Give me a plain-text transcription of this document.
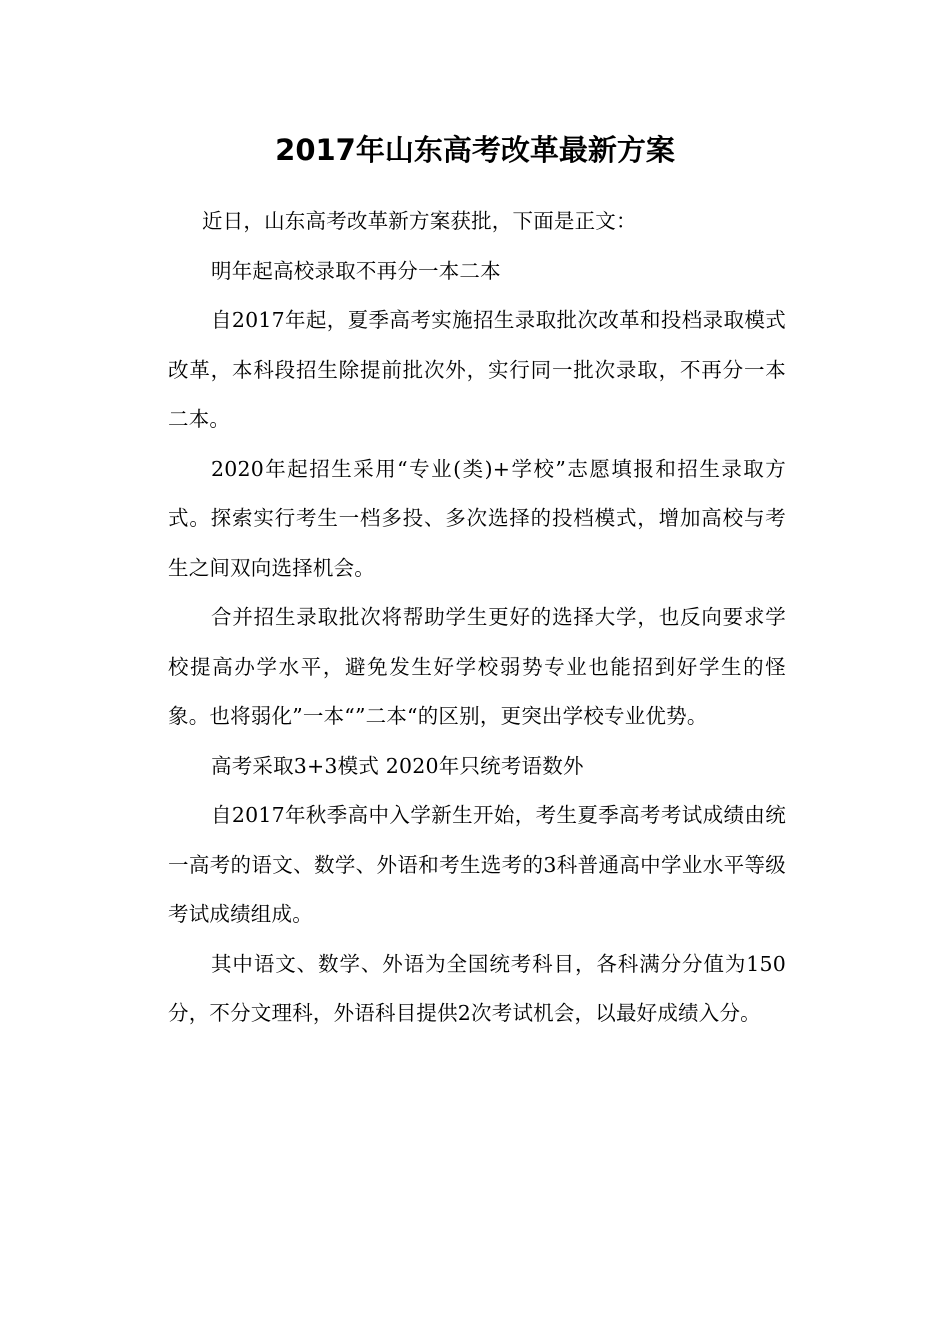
2017年山东高考改革最新方案

近日，山东高考改革新方案获批，下面是正文：

明年起高校录取不再分一本二本

自2017年起，夏季高考实施招生录取批次改革和投档录取模式改革，本科段招生除提前批次外，实行同一批次录取，不再分一本二本。

2020年起招生采用“专业(类)+学校”志愿填报和招生录取方式。探索实行考生一档多投、多次选择的投档模式，增加高校与考生之间双向选择机会。

合并招生录取批次将帮助学生更好的选择大学，也反向要求学校提高办学水平，避免发生好学校弱势专业也能招到好学生的怪象。也将弱化”一本“”二本“的区别，更突出学校专业优势。

高考采取3+3模式 2020年只统考语数外

自2017年秋季高中入学新生开始，考生夏季高考考试成绩由统一高考的语文、数学、外语和考生选考的3科普通高中学业水平等级考试成绩组成。

其中语文、数学、外语为全国统考科目，各科满分分值为150分，不分文理科，外语科目提供2次考试机会，以最好成绩入分。
